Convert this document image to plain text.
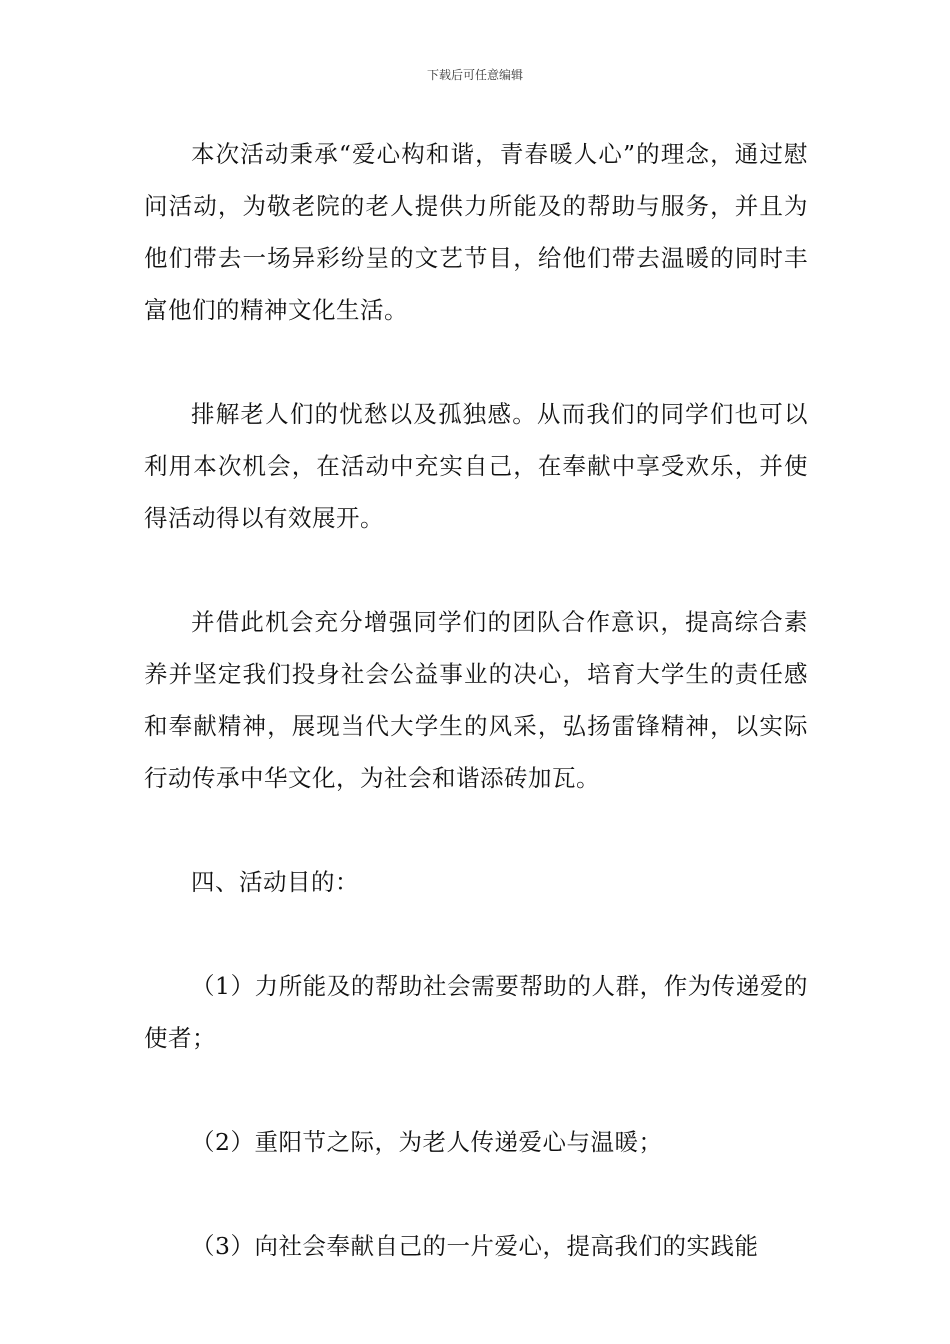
下载后可任意编辑

本次活动秉承“爱心构和谐，青春暖人心”的理念，通过慰问活动，为敬老院的老人提供力所能及的帮助与服务，并且为他们带去一场异彩纷呈的文艺节目，给他们带去温暖的同时丰富他们的精神文化生活。

排解老人们的忧愁以及孤独感。从而我们的同学们也可以利用本次机会，在活动中充实自己，在奉献中享受欢乐，并使得活动得以有效展开。

并借此机会充分增强同学们的团队合作意识，提高综合素养并坚定我们投身社会公益事业的决心，培育大学生的责任感和奉献精神，展现当代大学生的风采，弘扬雷锋精神，以实际行动传承中华文化，为社会和谐添砖加瓦。

四、活动目的：

（1）力所能及的帮助社会需要帮助的人群，作为传递爱的使者；

（2）重阳节之际，为老人传递爱心与温暖；

（3）向社会奉献自己的一片爱心，提高我们的实践能
